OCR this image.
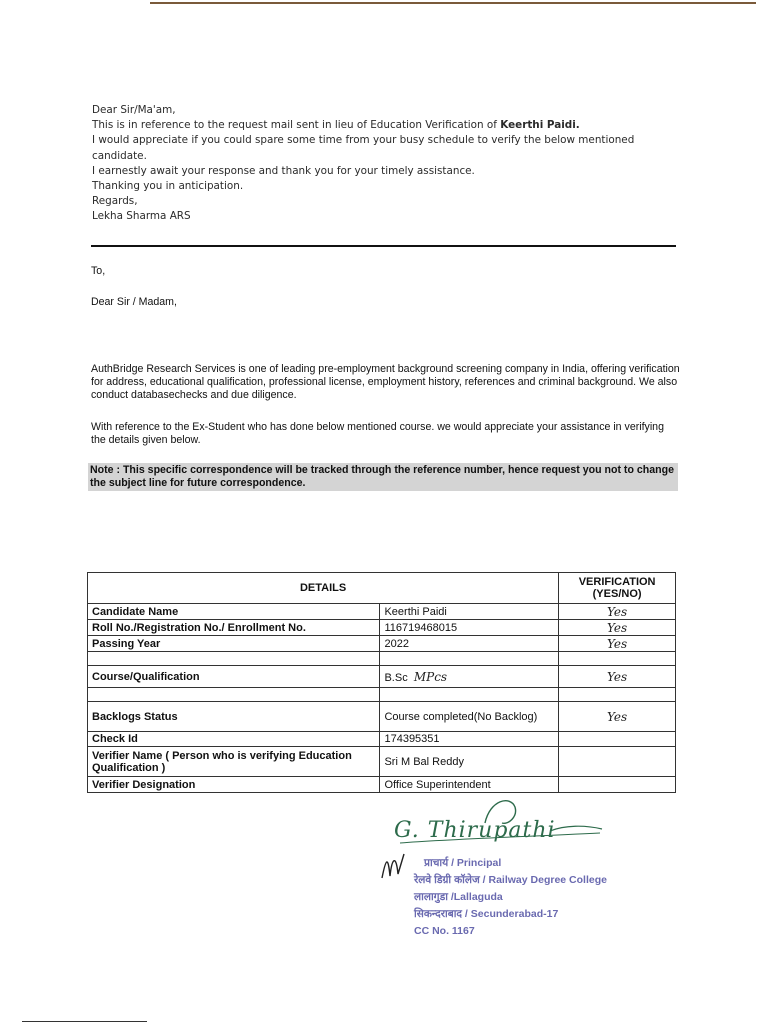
Dear Sir/Ma'am,

This is in reference to the request mail sent in lieu of Education Verification of Keerthi Paidi.

I would appreciate if you could spare some time from your busy schedule to verify the below mentioned candidate.

I earnestly await your response and thank you for your timely assistance.

Thanking you in anticipation.

Regards,

Lekha Sharma ARS

To,
Dear Sir / Madam,
AuthBridge Research Services is one of leading pre-employment background screening company in India, offering verification for address, educational qualification, professional license, employment history, references and criminal background. We also conduct databasechecks and due diligence.
With reference to the Ex-Student who has done below mentioned course. we would appreciate your assistance in verifying the details given below.
Note : This specific correspondence will be tracked through the reference number, hence request you not to change the subject line for future correspondence.
DETAILS		VERIFICATION (YES/NO)
Candidate Name	Keerthi Paidi	Yes
Roll No./Registration No./ Enrollment No.	116719468015	Yes
Passing Year	2022	Yes

Course/Qualification	B.Sc MPcs	Yes

Backlogs Status	Course completed(No Backlog)	Yes
Check Id	174395351	
Verifier Name ( Person who is verifying Education Qualification )	Sri M Bal Reddy	
Verifier Designation	Office Superintendent	
G. Thirupathi
प्राचार्य / Principal
रेलवे डिग्री कॉलेज / Railway Degree College
लालागुडा /Lallaguda
सिकन्दराबाद / Secunderabad-17
CC No. 1167
